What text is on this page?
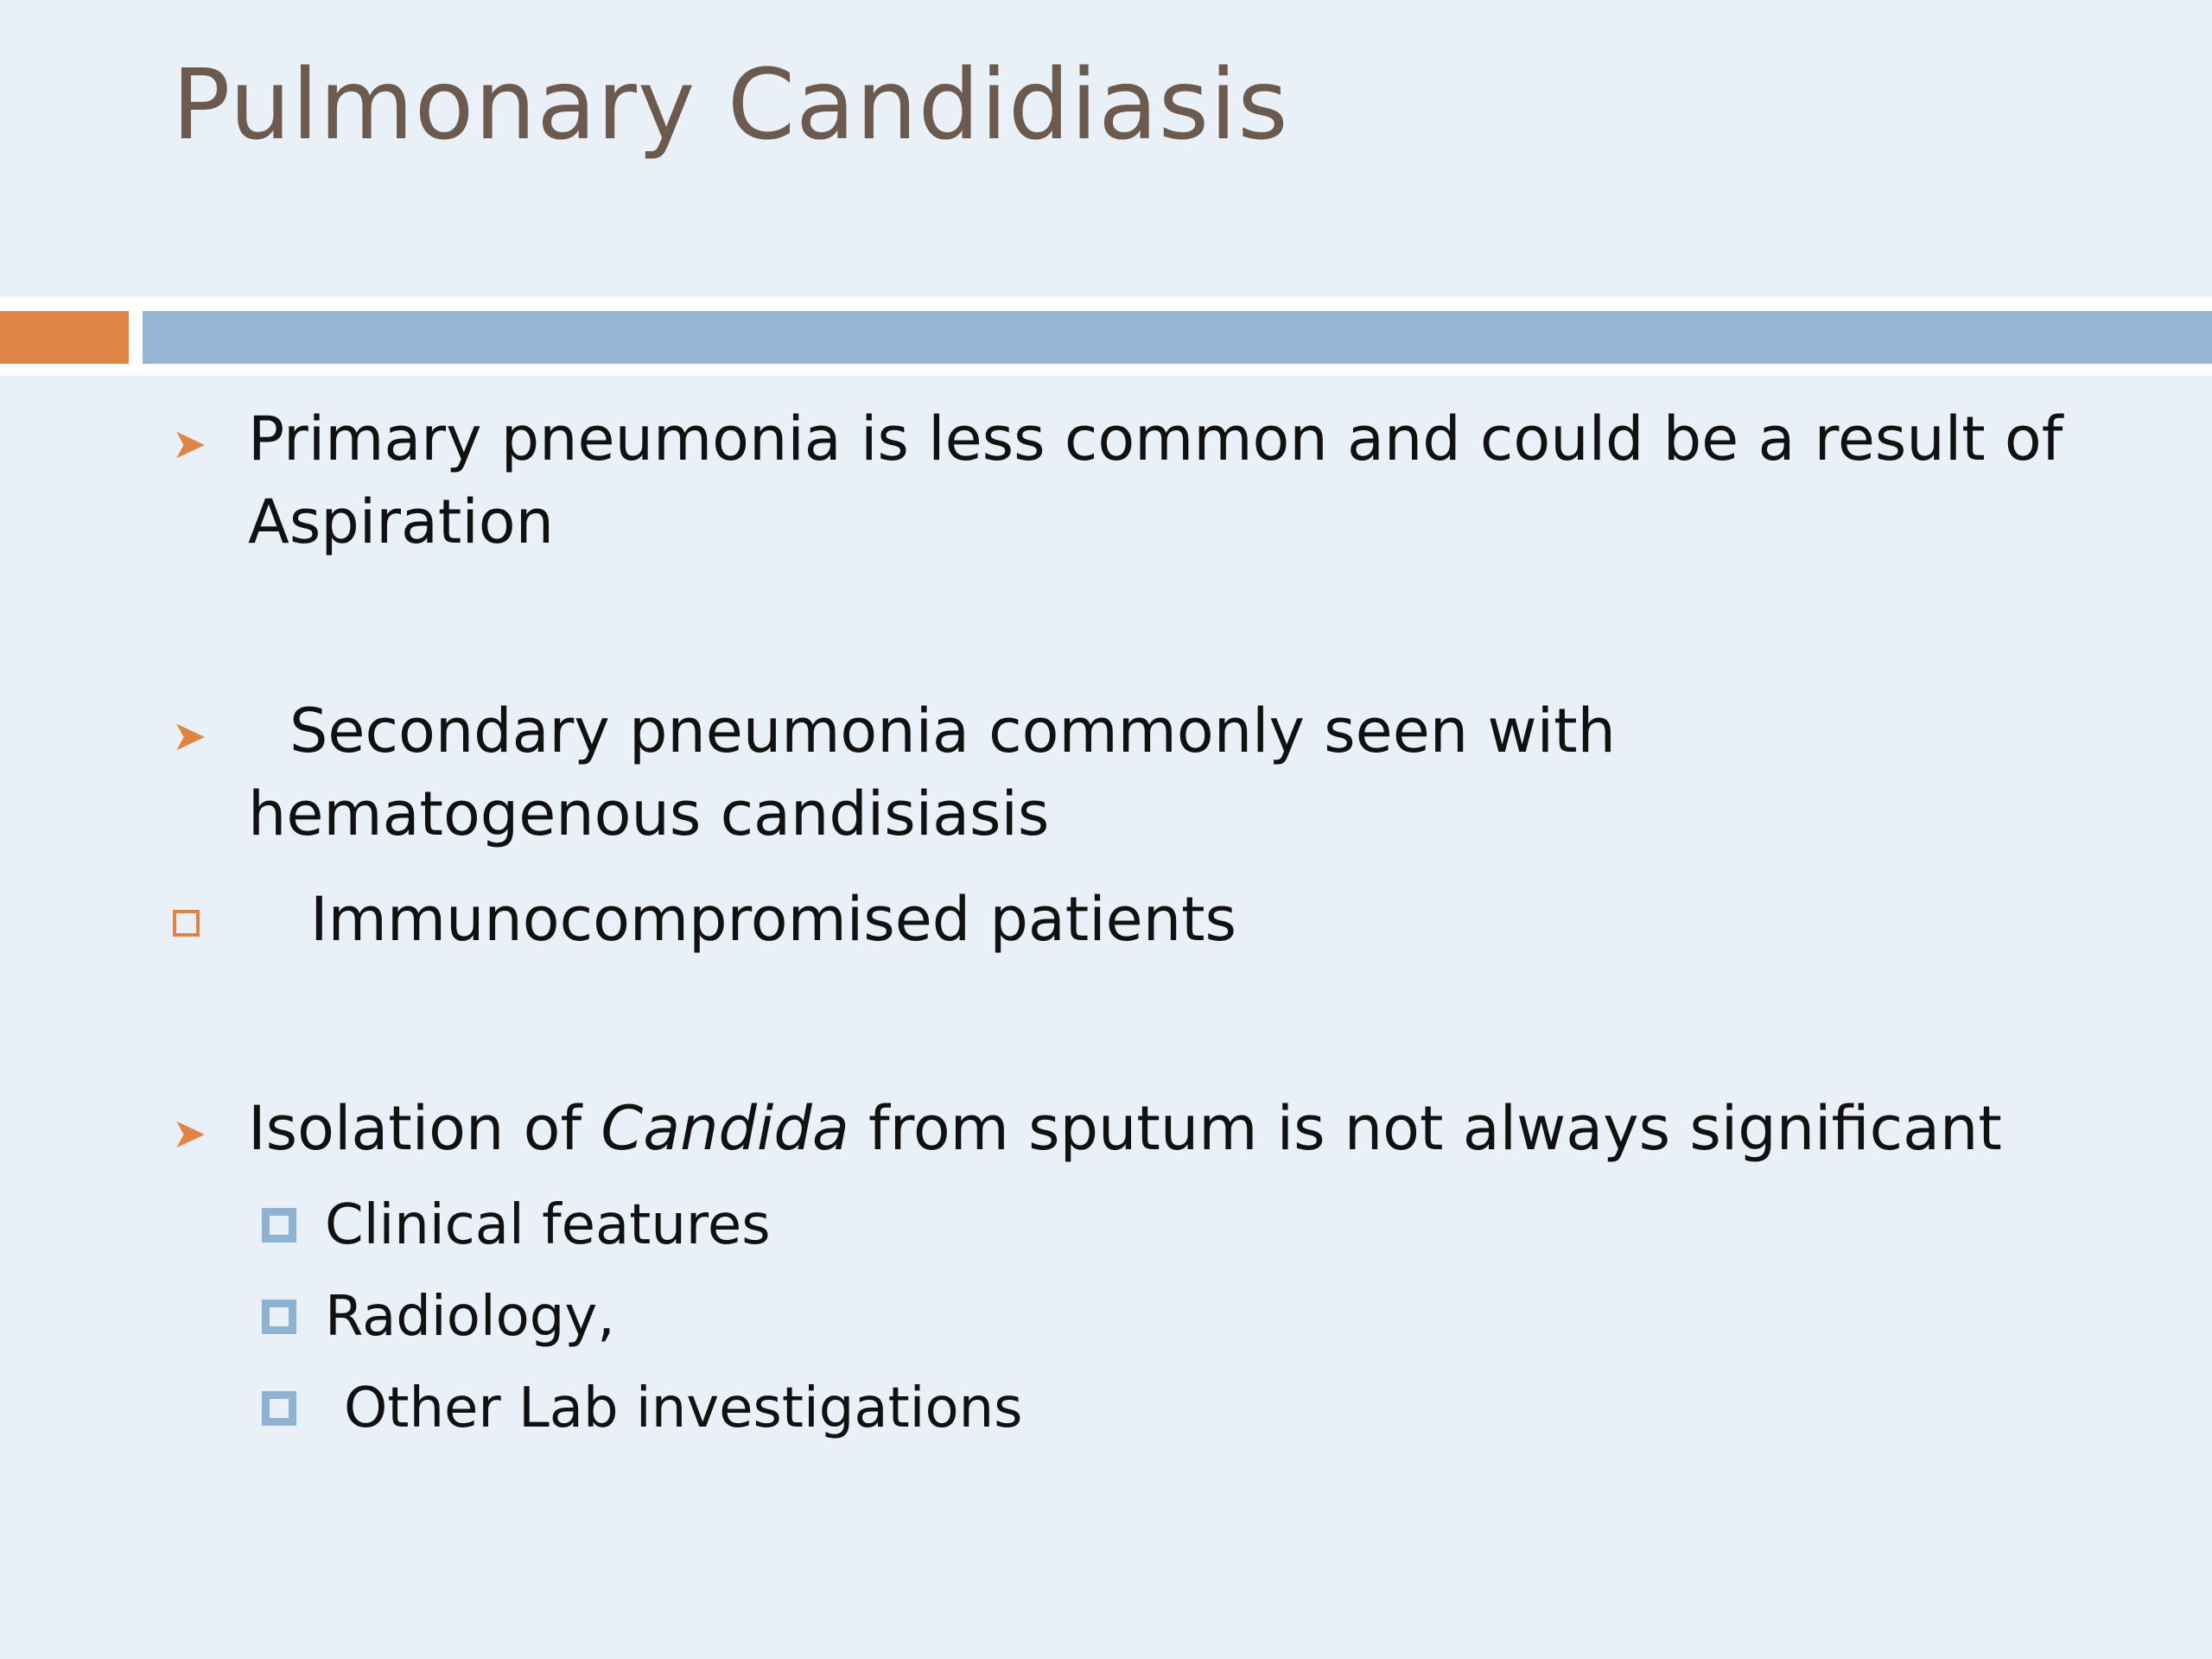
Pulmonary Candidiasis
➤ Primary pneumonia is less common and could be a result of Aspiration
➤	Secondary pneumonia commonly seen with hematogenous candisiasis
Immunocompromised patients
➤ Isolation of Candida from sputum is not always significant
Clinical features
Radiology,
Other Lab investigations
